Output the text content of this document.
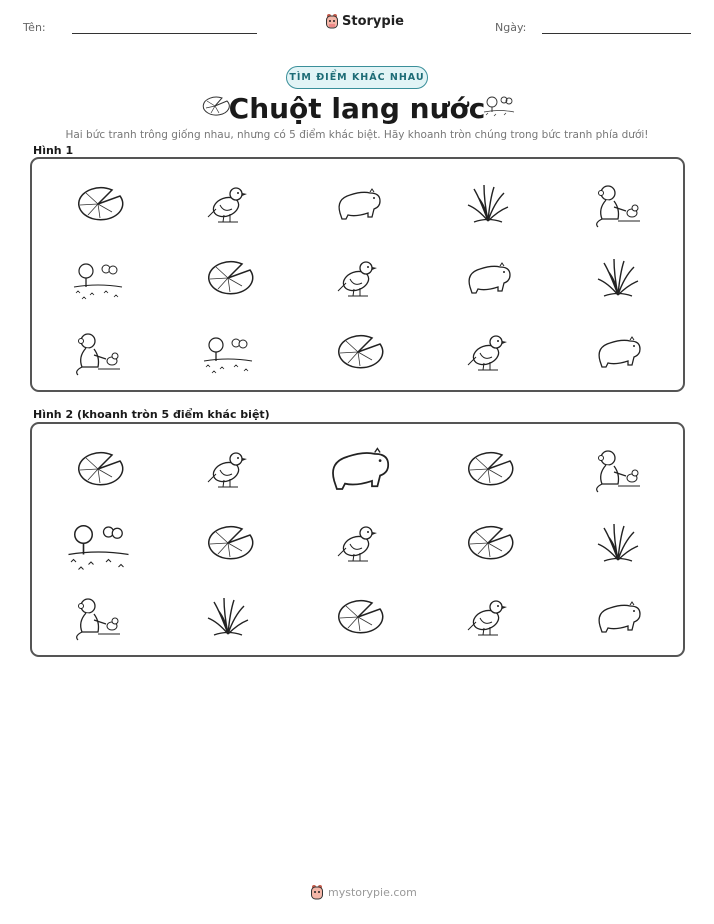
Tên:	Storypie	Ngày:
TÌM ĐIỂM KHÁC NHAU
Chuột lang nước
Hai bức tranh trông giống nhau, nhưng có 5 điểm khác biệt. Hãy khoanh tròn chúng trong bức tranh phía dưới!
Hình 1
Hình 2 (khoanh tròn 5 điểm khác biệt)
mystorypie.com
